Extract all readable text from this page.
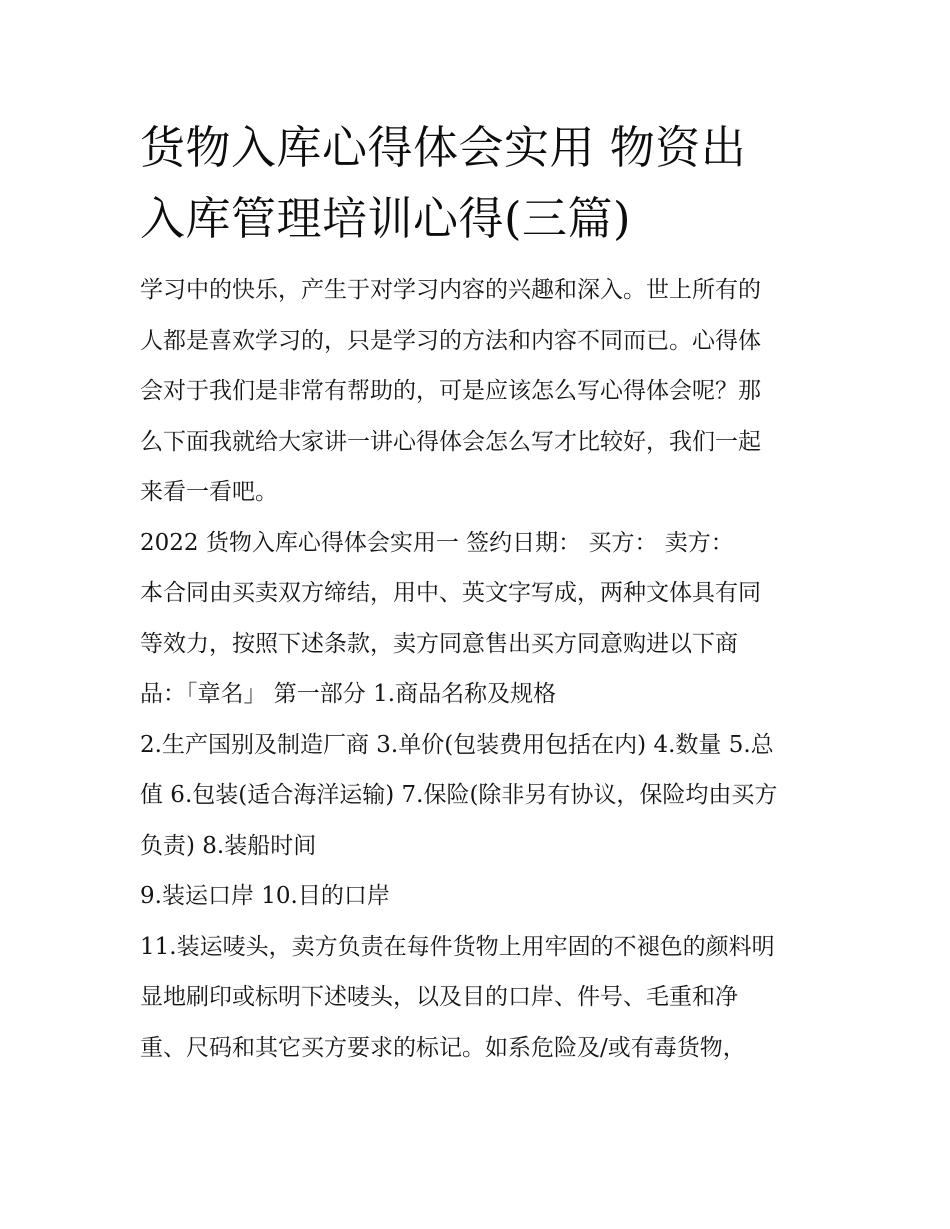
货物入库心得体会实用 物资出
入库管理培训心得(三篇)

学习中的快乐，产生于对学习内容的兴趣和深入。世上所有的
人都是喜欢学习的，只是学习的方法和内容不同而已。心得体
会对于我们是非常有帮助的，可是应该怎么写心得体会呢？那
么下面我就给大家讲一讲心得体会怎么写才比较好，我们一起
来看一看吧。

2022 货物入库心得体会实用一 签约日期： 买方： 卖方：

本合同由买卖双方缔结，用中、英文字写成，两种文体具有同
等效力，按照下述条款，卖方同意售出买方同意购进以下商
品：「章名」 第一部分 1.商品名称及规格

2.生产国别及制造厂商 3.单价(包装费用包括在内) 4.数量 5.总
值 6.包装(适合海洋运输) 7.保险(除非另有协议，保险均由买方
负责) 8.装船时间

9.装运口岸 10.目的口岸

11.装运唛头，卖方负责在每件货物上用牢固的不褪色的颜料明
显地刷印或标明下述唛头，以及目的口岸、件号、毛重和净
重、尺码和其它买方要求的标记。如系危险及/或有毒货物，
